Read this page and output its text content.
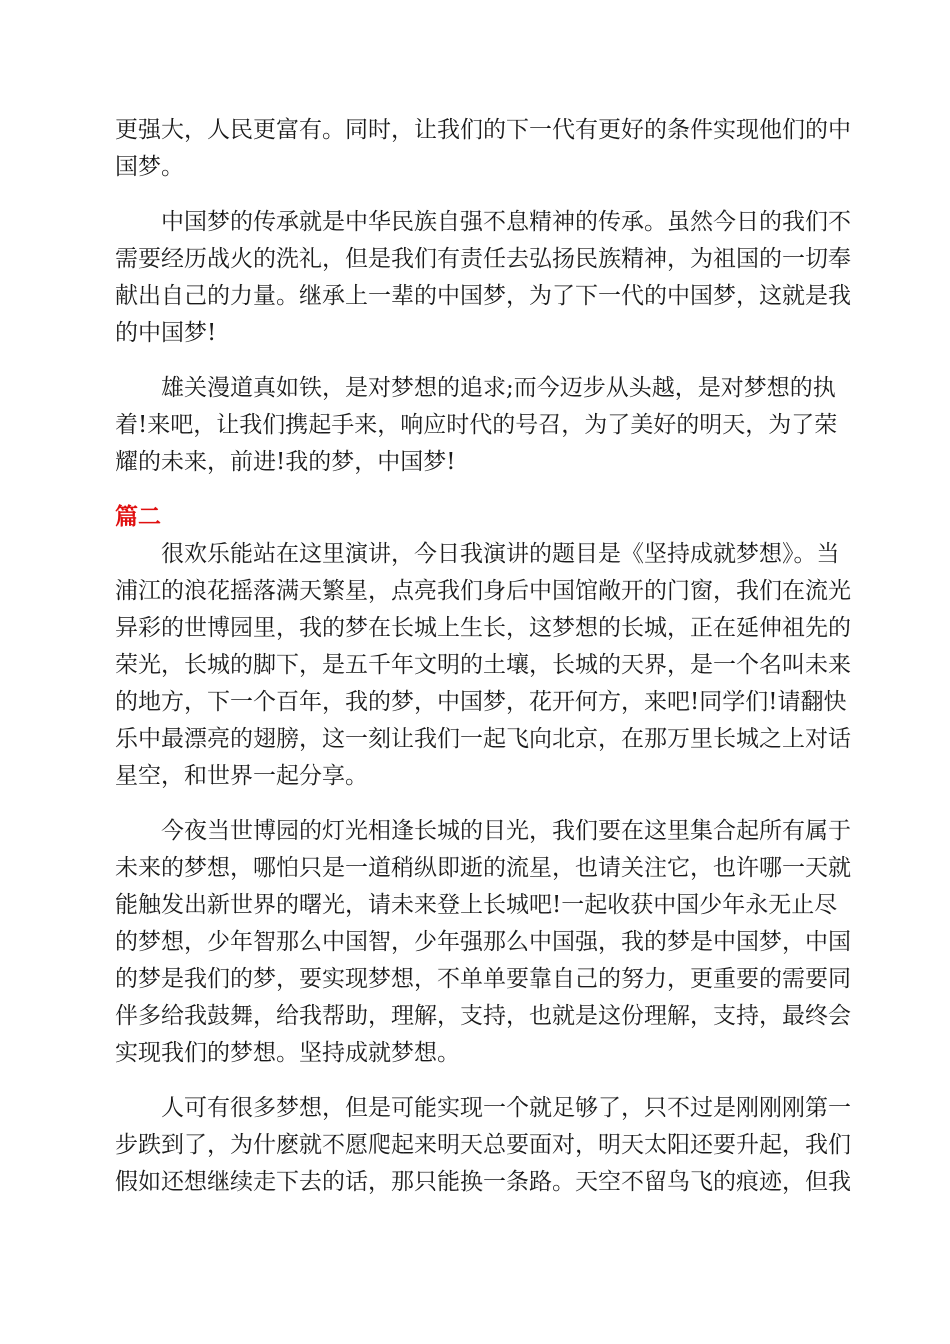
更强大，人民更富有。同时，让我们的下一代有更好的条件实现他们的中
国梦。
　　中国梦的传承就是中华民族自强不息精神的传承。虽然今日的我们不
需要经历战火的洗礼，但是我们有责任去弘扬民族精神，为祖国的一切奉
献出自己的力量。继承上一辈的中国梦，为了下一代的中国梦，这就是我
的中国梦!
　　雄关漫道真如铁，是对梦想的追求;而今迈步从头越，是对梦想的执
着!来吧，让我们携起手来，响应时代的号召，为了美好的明天，为了荣
耀的未来，前进!我的梦，中国梦!
篇二
　　很欢乐能站在这里演讲，今日我演讲的题目是《坚持成就梦想》。当
浦江的浪花摇落满天繁星，点亮我们身后中国馆敞开的门窗，我们在流光
异彩的世博园里，我的梦在长城上生长，这梦想的长城，正在延伸祖先的
荣光，长城的脚下，是五千年文明的土壤，长城的天界，是一个名叫未来
的地方，下一个百年，我的梦，中国梦，花开何方，来吧!同学们!请翻快
乐中最漂亮的翅膀，这一刻让我们一起飞向北京，在那万里长城之上对话
星空，和世界一起分享。
　　今夜当世博园的灯光相逢长城的目光，我们要在这里集合起所有属于
未来的梦想，哪怕只是一道稍纵即逝的流星，也请关注它，也许哪一天就
能触发出新世界的曙光，请未来登上长城吧!一起收获中国少年永无止尽
的梦想，少年智那么中国智，少年强那么中国强，我的梦是中国梦，中国
的梦是我们的梦，要实现梦想，不单单要靠自己的努力，更重要的需要同
伴多给我鼓舞，给我帮助，理解，支持，也就是这份理解，支持，最终会
实现我们的梦想。坚持成就梦想。
　　人可有很多梦想，但是可能实现一个就足够了，只不过是刚刚刚第一
步跌到了，为什麽就不愿爬起来明天总要面对，明天太阳还要升起，我们
假如还想继续走下去的话，那只能换一条路。天空不留鸟飞的痕迹，但我
